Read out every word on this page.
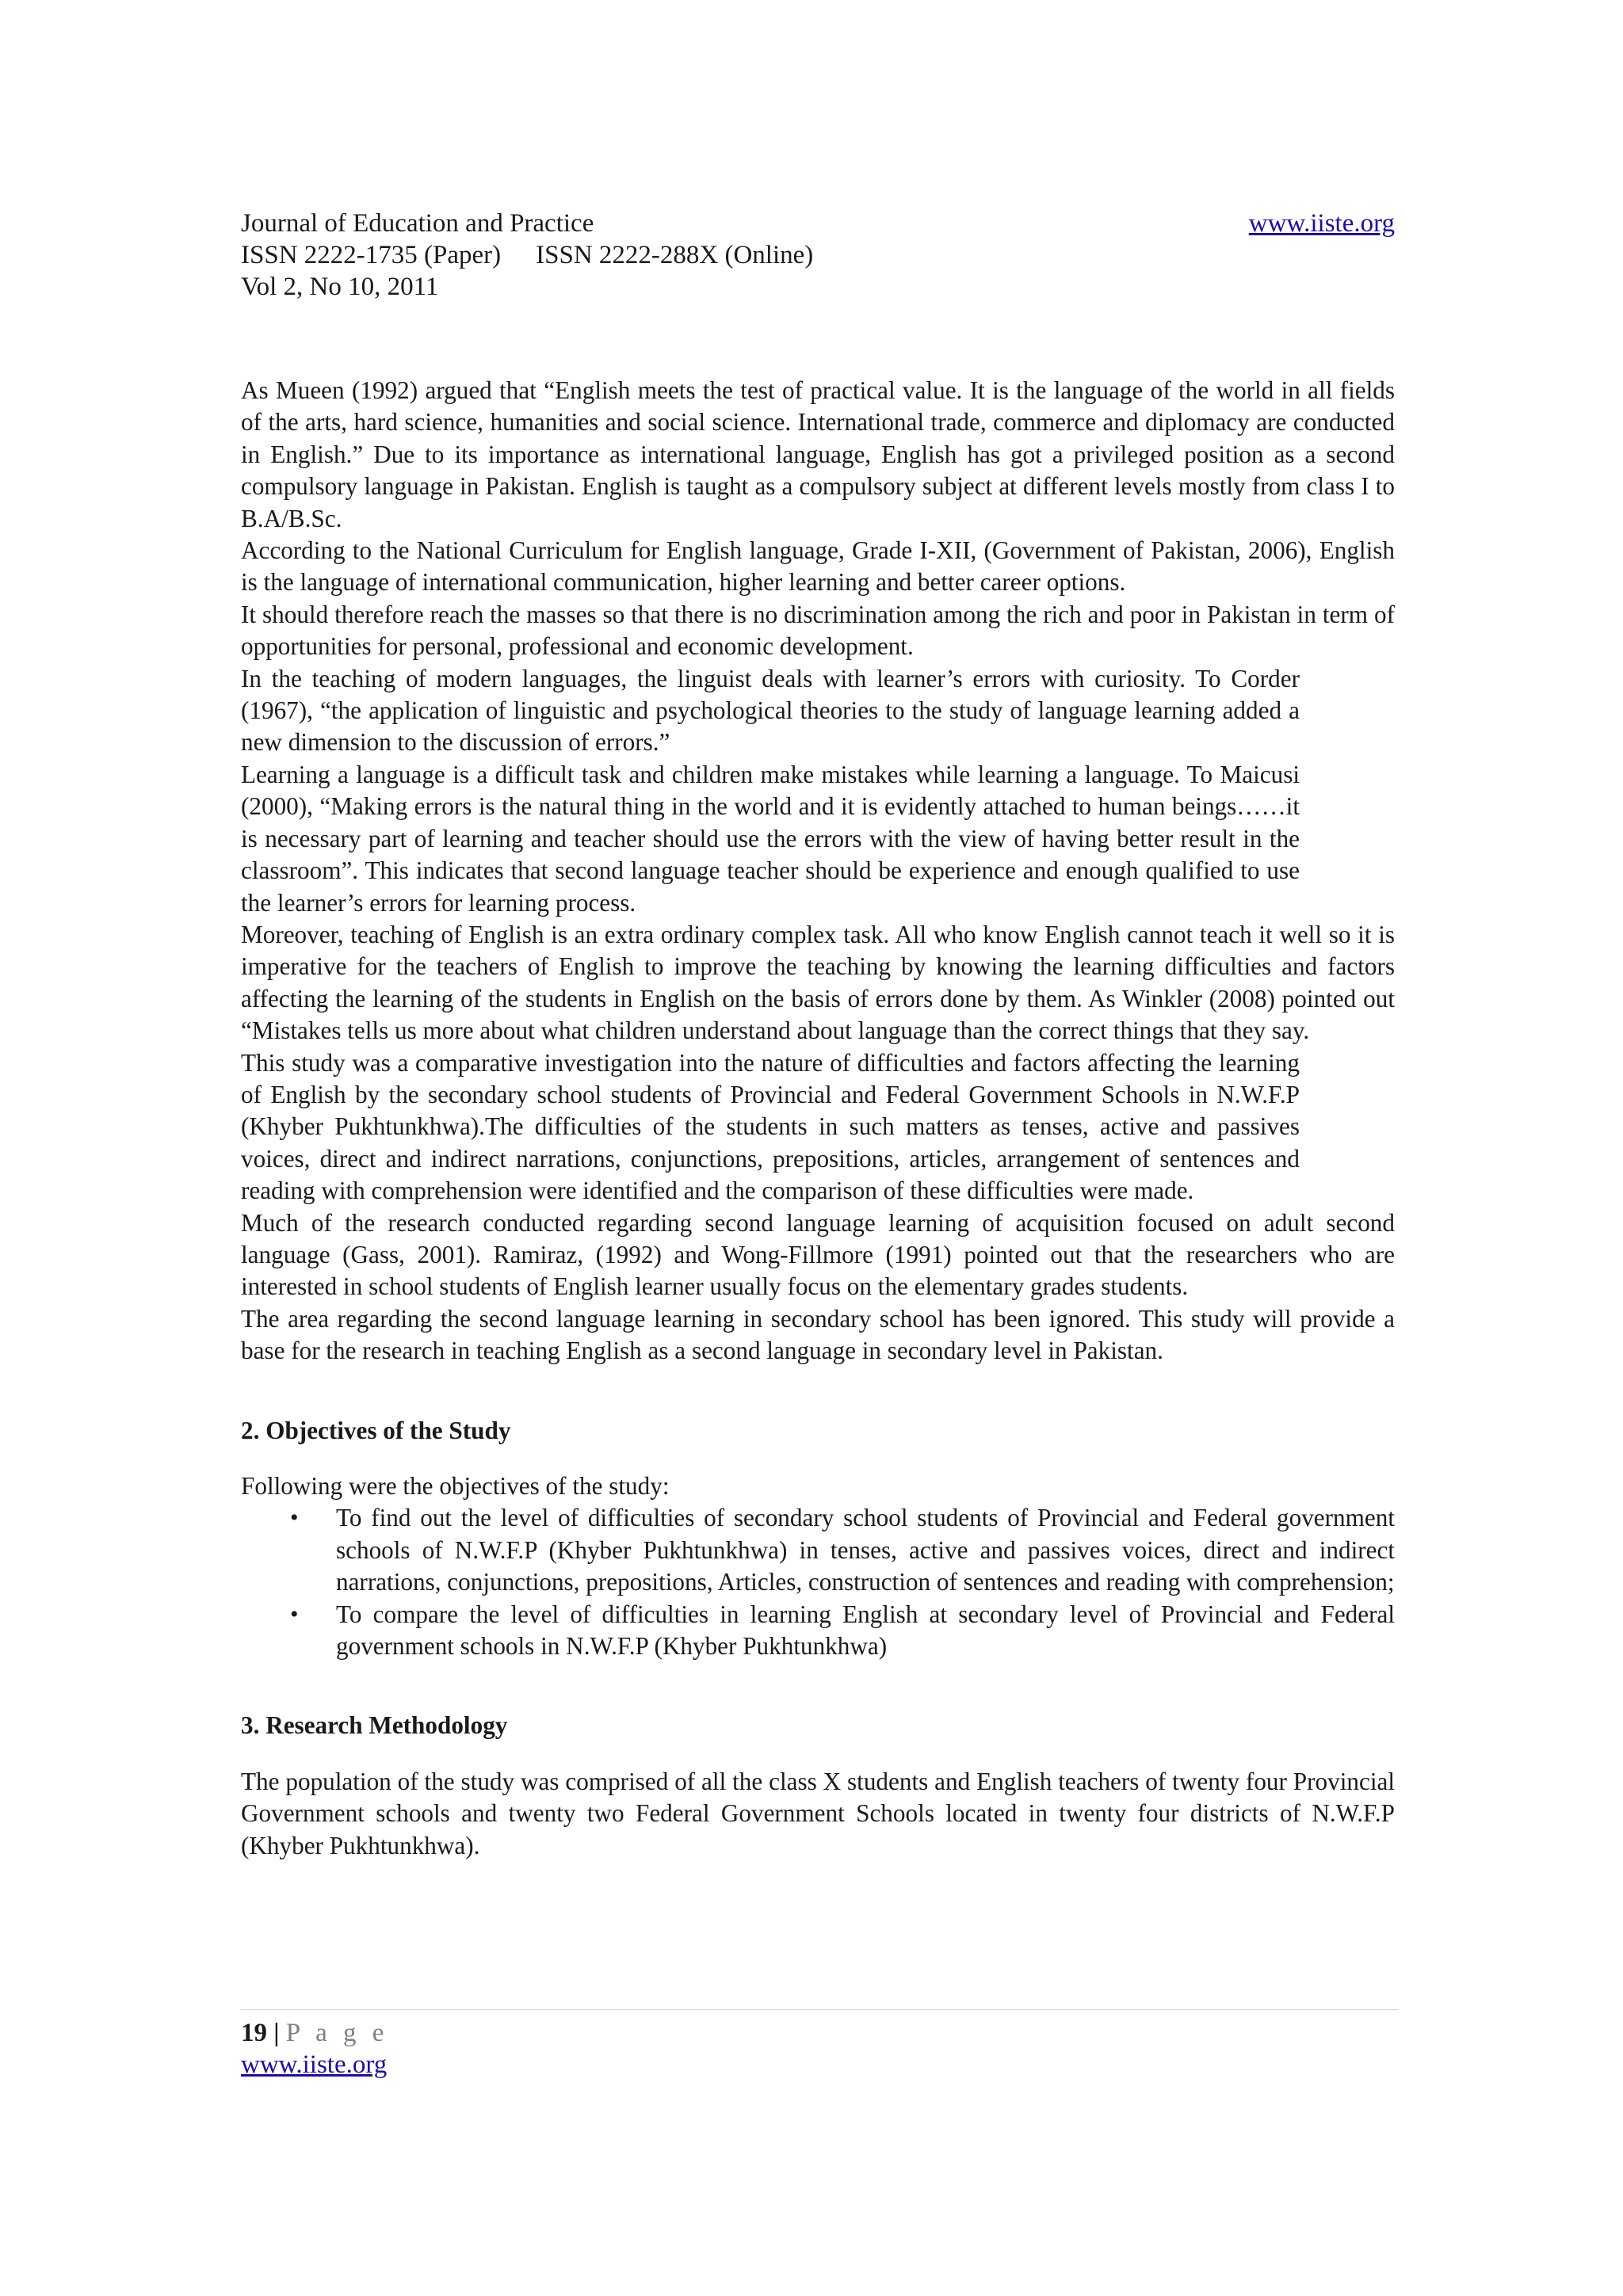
Journal of Education and Practice	www.iiste.org
ISSN 2222-1735 (Paper) ISSN 2222-288X (Online)
Vol 2, No 10, 2011

As Mueen (1992) argued that “English meets the test of practical value. It is the language of the world in all fields of the arts, hard science, humanities and social science. International trade, commerce and diplomacy are conducted in English.” Due to its importance as international language, English has got a privileged position as a second compulsory language in Pakistan. English is taught as a compulsory subject at different levels mostly from class I to B.A/B.Sc.

According to the National Curriculum for English language, Grade I-XII, (Government of Pakistan, 2006), English is the language of international communication, higher learning and better career options.

It should therefore reach the masses so that there is no discrimination among the rich and poor in Pakistan in term of opportunities for personal, professional and economic development.

In the teaching of modern languages, the linguist deals with learner’s errors with curiosity. To Corder (1967), “the application of linguistic and psychological theories to the study of language learning added a new dimension to the discussion of errors.”

Learning a language is a difficult task and children make mistakes while learning a language. To Maicusi (2000), “Making errors is the natural thing in the world and it is evidently attached to human beings……it is necessary part of learning and teacher should use the errors with the view of having better result in the classroom”. This indicates that second language teacher should be experience and enough qualified to use the learner’s errors for learning process.

Moreover, teaching of English is an extra ordinary complex task. All who know English cannot teach it well so it is imperative for the teachers of English to improve the teaching by knowing the learning difficulties and factors affecting the learning of the students in English on the basis of errors done by them. As Winkler (2008) pointed out “Mistakes tells us more about what children understand about language than the correct things that they say.

This study was a comparative investigation into the nature of difficulties and factors affecting the learning of English by the secondary school students of Provincial and Federal Government Schools in N.W.F.P (Khyber Pukhtunkhwa).The difficulties of the students in such matters as tenses, active and passives voices, direct and indirect narrations, conjunctions, prepositions, articles, arrangement of sentences and reading with comprehension were identified and the comparison of these difficulties were made.

Much of the research conducted regarding second language learning of acquisition focused on adult second language (Gass, 2001). Ramiraz, (1992) and Wong-Fillmore (1991) pointed out that the researchers who are interested in school students of English learner usually focus on the elementary grades students.

The area regarding the second language learning in secondary school has been ignored. This study will provide a base for the research in teaching English as a second language in secondary level in Pakistan.

2. Objectives of the Study

Following were the objectives of the study:

• To find out the level of difficulties of secondary school students of Provincial and Federal government schools of N.W.F.P (Khyber Pukhtunkhwa) in tenses, active and passives voices, direct and indirect narrations, conjunctions, prepositions, Articles, construction of sentences and reading with comprehension;
• To compare the level of difficulties in learning English at secondary level of Provincial and Federal government schools in N.W.F.P (Khyber Pukhtunkhwa)
3. Research Methodology

The population of the study was comprised of all the class X students and English teachers of twenty four Provincial Government schools and twenty two Federal Government Schools located in twenty four districts of N.W.F.P (Khyber Pukhtunkhwa).

19 | P a g e
www.iiste.org
